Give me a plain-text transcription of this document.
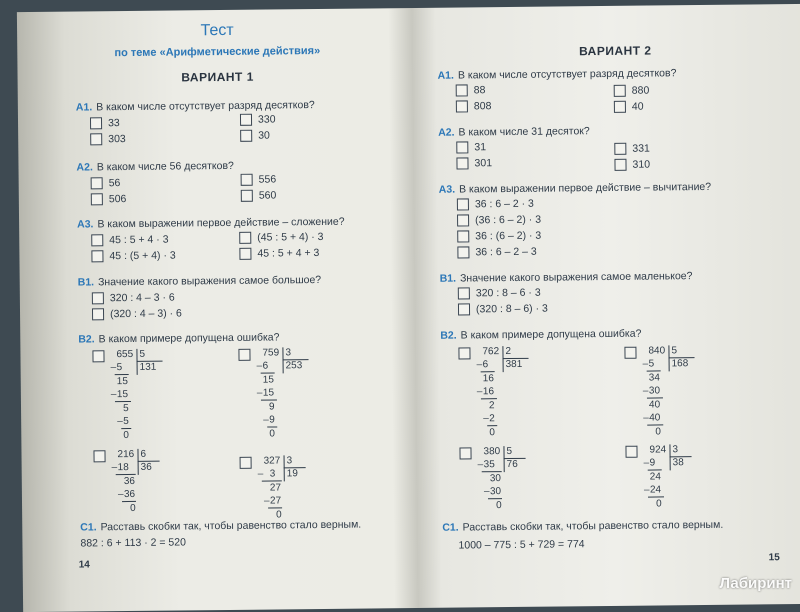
Тест
по теме «Арифметические действия»
ВАРИАНТ 1
А1. В каком числе отсутствует разряд десятков?
33
303
330
30
А2. В каком числе 56 десятков?
56
506
556
560
А3. В каком выражении первое действие – сложение?
45 : 5 + 4 · 3
45 : (5 + 4) · 3
(45 : 5 + 4) · 3
45 : 5 + 4 + 3
В1. Значение какого выражения самое большое?
320 : 4 – 3 · 6
(320 : 4 – 3) · 6
В2. В каком примере допущена ошибка?
655 5
131
– 5
15
– 15
5
– 5
0
759 3
253
– 6
15
– 15
9
– 9
0
216 6
36
– 18
36
– 36
0
327 3
19
– 3
27
– 27
0
С1. Расставь скобки так, чтобы равенство стало верным.
882 : 6 + 113 · 2 = 520
14
ВАРИАНТ 2
А1. В каком числе отсутствует разряд десятков?
88
808
880
40
А2. В каком числе 31 десяток?
31
301
331
310
А3. В каком выражении первое действие – вычитание?
36 : 6 – 2 · 3
(36 : 6 – 2) · 3
36 : (6 – 2) · 3
36 : 6 – 2 – 3
В1. Значение какого выражения самое маленькое?
320 : 8 – 6 · 3
(320 : 8 – 6) · 3
В2. В каком примере допущена ошибка?
762 2
381
– 6
16
– 16
2
– 2
0
840 5
168
– 5
34
– 30
40
– 40
0
380 5
76
– 35
30
– 30
0
924 3
38
– 9
24
– 24
0
С1. Расставь скобки так, чтобы равенство стало верным.
1000 – 775 : 5 + 729 = 774
15
Лабиринт
